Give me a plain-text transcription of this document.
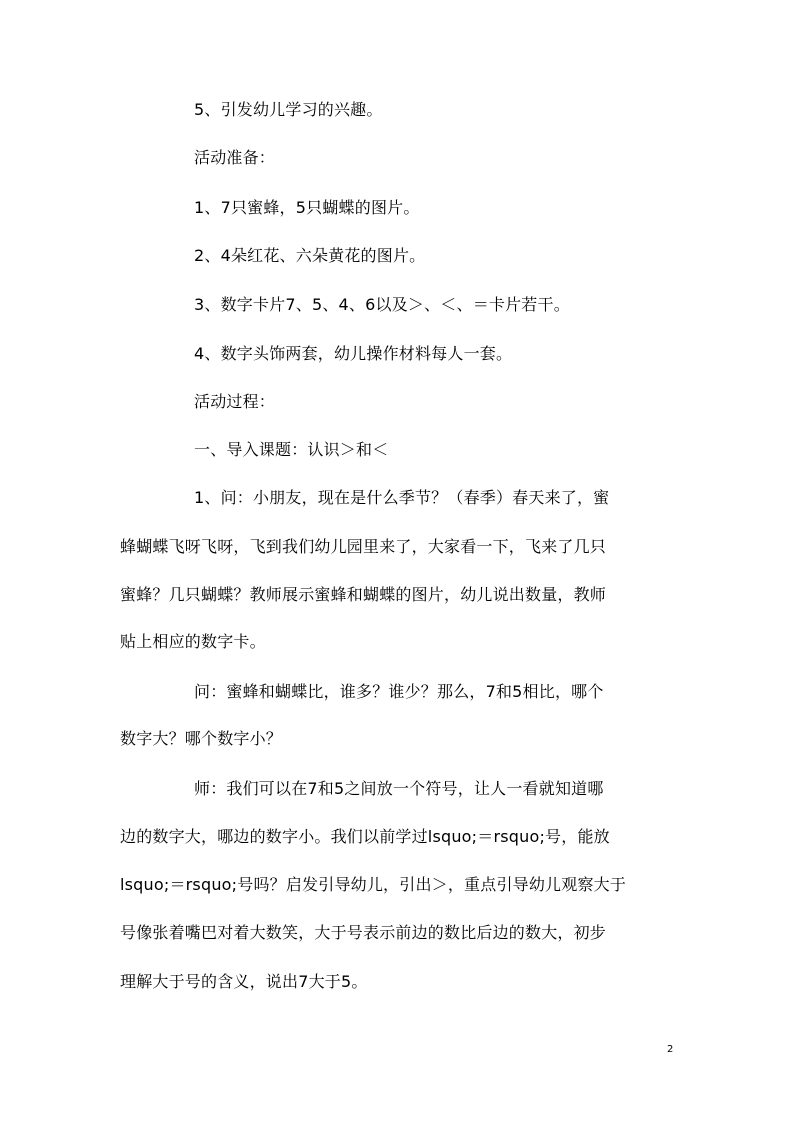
5、引发幼儿学习的兴趣。

活动准备：

1、7只蜜蜂，5只蝴蝶的图片。

2、4朵红花、六朵黄花的图片。

3、数字卡片7、5、4、6以及＞、＜、＝卡片若干。

4、数字头饰两套，幼儿操作材料每人一套。

活动过程：

一、导入课题：认识＞和＜

1、问：小朋友，现在是什么季节？（春季）春天来了，蜜

蜂蝴蝶飞呀飞呀，飞到我们幼儿园里来了，大家看一下，飞来了几只

蜜蜂？几只蝴蝶？教师展示蜜蜂和蝴蝶的图片，幼儿说出数量，教师

贴上相应的数字卡。

问：蜜蜂和蝴蝶比，谁多？谁少？那么，7和5相比，哪个

数字大？哪个数字小？

师：我们可以在7和5之间放一个符号，让人一看就知道哪

边的数字大，哪边的数字小。我们以前学过lsquo;＝rsquo;号，能放

lsquo;＝rsquo;号吗？启发引导幼儿，引出＞，重点引导幼儿观察大于

号像张着嘴巴对着大数笑，大于号表示前边的数比后边的数大，初步

理解大于号的含义，说出7大于5。

2
